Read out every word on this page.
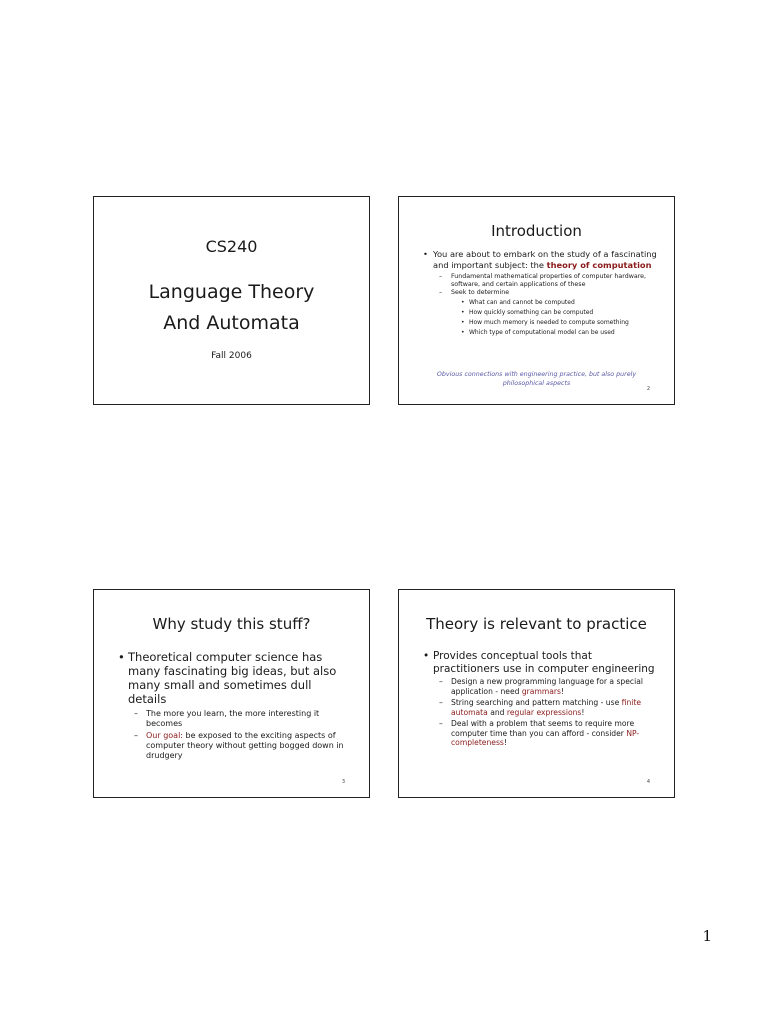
CS240
Language Theory
And Automata
Fall 2006
Introduction
• You are about to embark on the study of a fascinating and important subject: the theory of computation
– Fundamental mathematical properties of computer hardware, software, and certain applications of these
– Seek to determine
• What can and cannot be computed
• How quickly something can be computed
• How much memory is needed to compute something
• Which type of computational model can be used
Obvious connections with engineering practice, but also purely philosophical aspects
2
Why study this stuff?
• Theoretical computer science has many fascinating big ideas, but also many small and sometimes dull details
– The more you learn, the more interesting it becomes
– Our goal: be exposed to the exciting aspects of computer theory without getting bogged down in drudgery
3
Theory is relevant to practice
• Provides conceptual tools that practitioners use in computer engineering
– Design a new programming language for a special application - need grammars!
– String searching and pattern matching - use finite automata and regular expressions!
– Deal with a problem that seems to require more computer time than you can afford - consider NP-completeness!
4
1
